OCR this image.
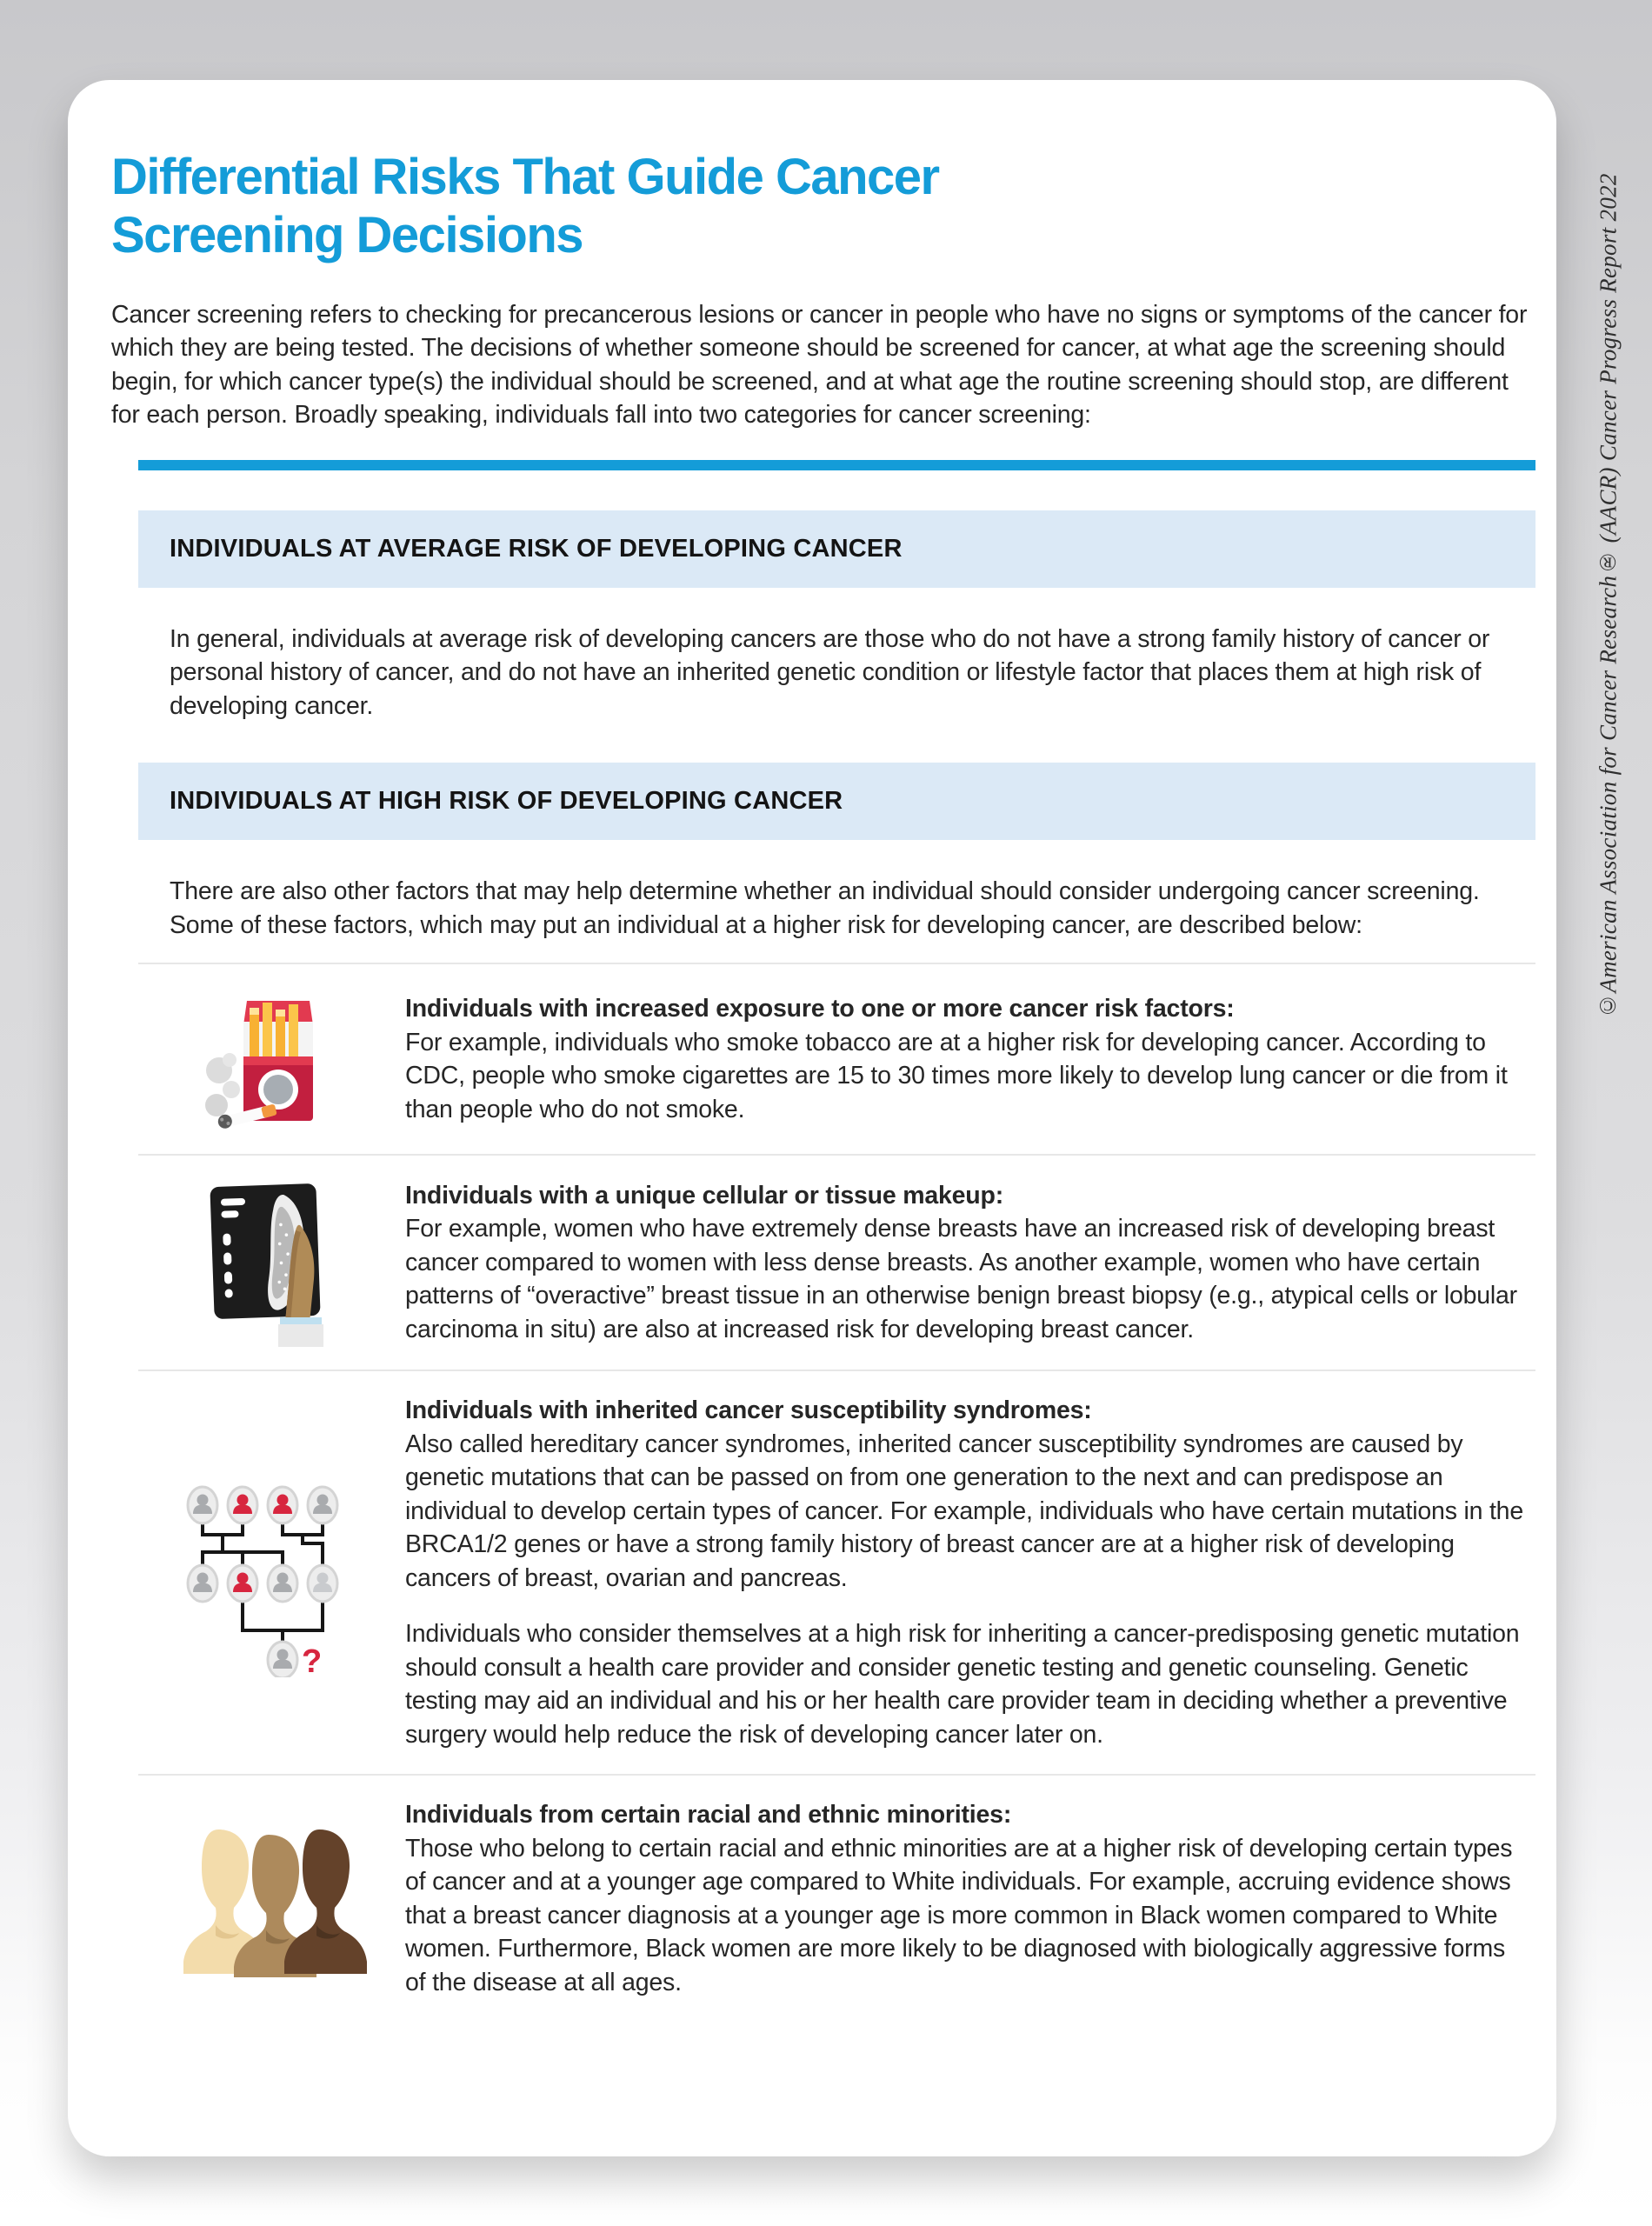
©American Association for Cancer Research® (AACR) Cancer Progress Report 2022
Differential Risks That Guide Cancer
Screening Decisions

Cancer screening refers to checking for precancerous lesions or cancer in people who have no signs or symptoms of the cancer for which they are being tested. The decisions of whether someone should be screened for cancer, at what age the screening should begin, for which cancer type(s) the individual should be screened, and at what age the routine screening should stop, are different for each person. Broadly speaking, individuals fall into two categories for cancer screening:

INDIVIDUALS AT AVERAGE RISK OF DEVELOPING CANCER

In general, individuals at average risk of developing cancers are those who do not have a strong family history of cancer or personal history of cancer, and do not have an inherited genetic condition or lifestyle factor that places them at high risk of developing cancer.

INDIVIDUALS AT HIGH RISK OF DEVELOPING CANCER

There are also other factors that may help determine whether an individual should consider undergoing cancer screening. Some of these factors, which may put an individual at a higher risk for developing cancer, are described below:

Individuals with increased exposure to one or more cancer risk factors:

For example, individuals who smoke tobacco are at a higher risk for developing cancer. According to CDC, people who smoke cigarettes are 15 to 30 times more likely to develop lung cancer or die from it than people who do not smoke.

Individuals with a unique cellular or tissue makeup:

For example, women who have extremely dense breasts have an increased risk of developing breast cancer compared to women with less dense breasts. As another example, women who have certain patterns of “overactive” breast tissue in an otherwise benign breast biopsy (e.g., atypical cells or lobular carcinoma in situ) are also at increased risk for developing breast cancer.

?
Individuals with inherited cancer susceptibility syndromes:

Also called hereditary cancer syndromes, inherited cancer susceptibility syndromes are caused by genetic mutations that can be passed on from one generation to the next and can predispose an individual to develop certain types of cancer. For example, individuals who have certain mutations in the BRCA1/2 genes or have a strong family history of breast cancer are at a higher risk of developing cancers of breast, ovarian and pancreas.

Individuals who consider themselves at a high risk for inheriting a cancer-predisposing genetic mutation should consult a health care provider and consider genetic testing and genetic counseling. Genetic testing may aid an individual and his or her health care provider team in deciding whether a preventive surgery would help reduce the risk of developing cancer later on.

Individuals from certain racial and ethnic minorities:

Those who belong to certain racial and ethnic minorities are at a higher risk of developing certain types of cancer and at a younger age compared to White individuals. For example, accruing evidence shows that a breast cancer diagnosis at a younger age is more common in Black women compared to White women. Furthermore, Black women are more likely to be diagnosed with biologically aggressive forms of the disease at all ages.
